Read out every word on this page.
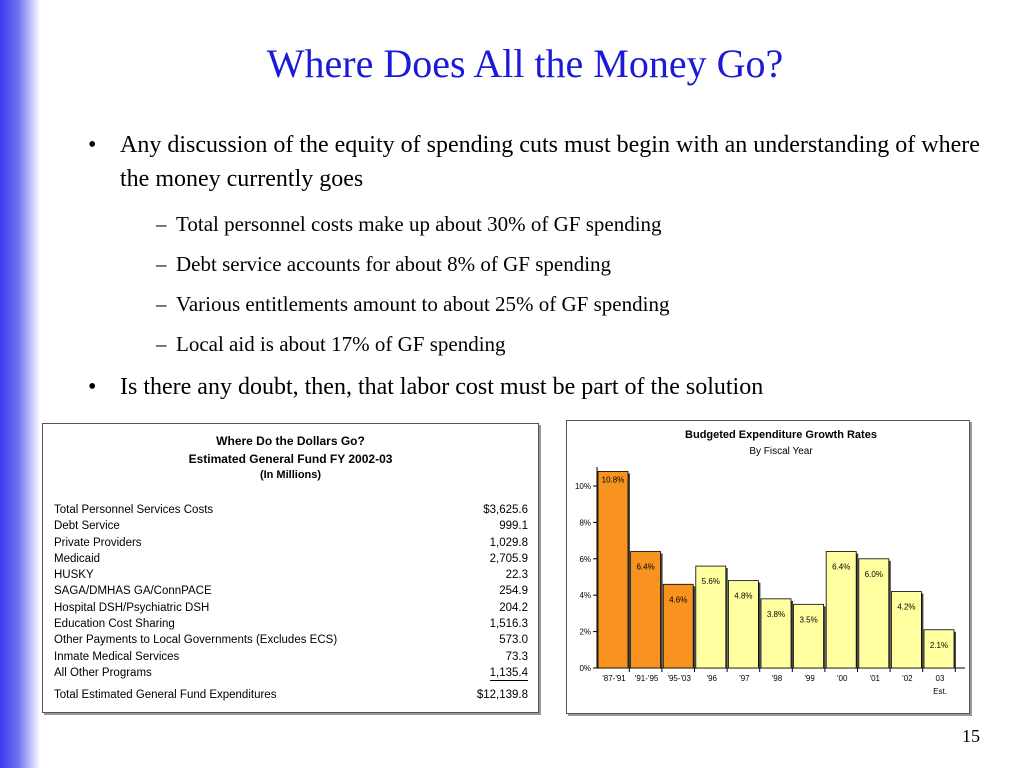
Where Does All the Money Go?
• Any discussion of the equity of spending cuts must begin with an understanding of where the money currently goes
– Total personnel costs make up about 30% of GF spending
– Debt service accounts for about 8% of GF spending
– Various entitlements amount to about 25% of GF spending
– Local aid is about 17% of GF spending
• Is there any doubt, then, that labor cost must be part of the solution
Where Do the Dollars Go?
Estimated General Fund FY 2002-03
(In Millions)
Total Personnel Services Costs	$3,625.6
Debt Service	999.1
Private Providers	1,029.8
Medicaid	2,705.9
HUSKY	22.3
SAGA/DMHAS GA/ConnPACE	254.9
Hospital DSH/Psychiatric DSH	204.2
Education Cost Sharing	1,516.3
Other Payments to Local Governments (Excludes ECS)	573.0
Inmate Medical Services	73.3
All Other Programs	1,135.4
Total Estimated General Fund Expenditures	$12,139.8
Budgeted Expenditure Growth Rates
By Fiscal Year
0%
2%
4%
6%
8%
10%
10.8%
'87-'91
6.4%
'91-'95
4.6%
'95-'03
5.6%
'96
4.8%
'97
3.8%
'98
3.5%
'99
6.4%
'00
6.0%
'01
4.2%
'02
2.1%
03
Est.
15
